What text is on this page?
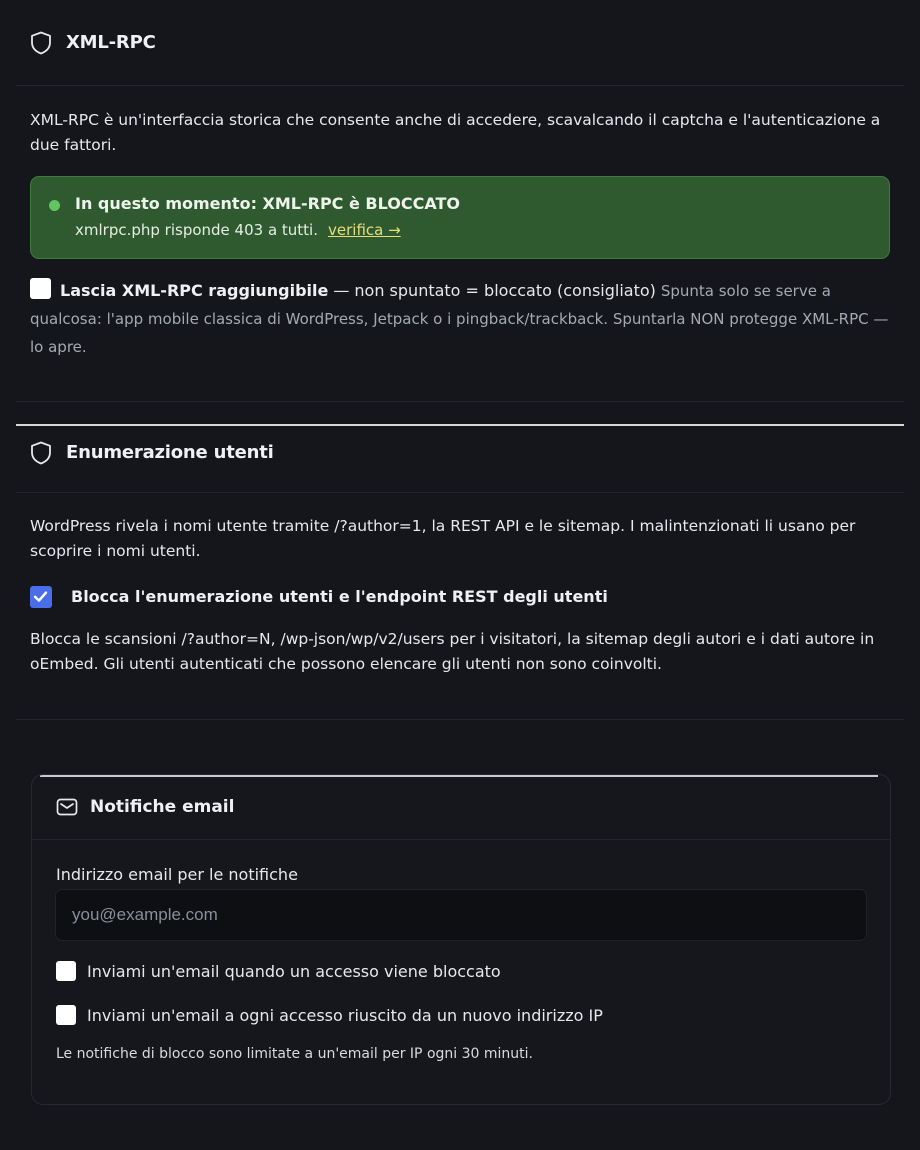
XML-RPC

XML-RPC è un'interfaccia storica che consente anche di accedere, scavalcando il captcha e l'autenticazione a due fattori.

In questo momento: XML-RPC è BLOCCATO
xmlrpc.php risponde 403 a tutti. verifica →

Lascia XML-RPC raggiungibile — non spuntato = bloccato (consigliato) Spunta solo se serve a qualcosa: l'app mobile classica di WordPress, Jetpack o i pingback/trackback. Spuntarla NON protegge XML-RPC — lo apre.

Enumerazione utenti

WordPress rivela i nomi utente tramite /?author=1, la REST API e le sitemap. I malintenzionati li usano per scoprire i nomi utenti.

Blocca l'enumerazione utenti e l'endpoint REST degli utenti

Blocca le scansioni /?author=N, /wp-json/wp/v2/users per i visitatori, la sitemap degli autori e i dati autore in oEmbed. Gli utenti autenticati che possono elencare gli utenti non sono coinvolti.

Notifiche email
Indirizzo email per le notifiche
you@example.com
Inviami un'email quando un accesso viene bloccato
Inviami un'email a ogni accesso riuscito da un nuovo indirizzo IP
Le notifiche di blocco sono limitate a un'email per IP ogni 30 minuti.
